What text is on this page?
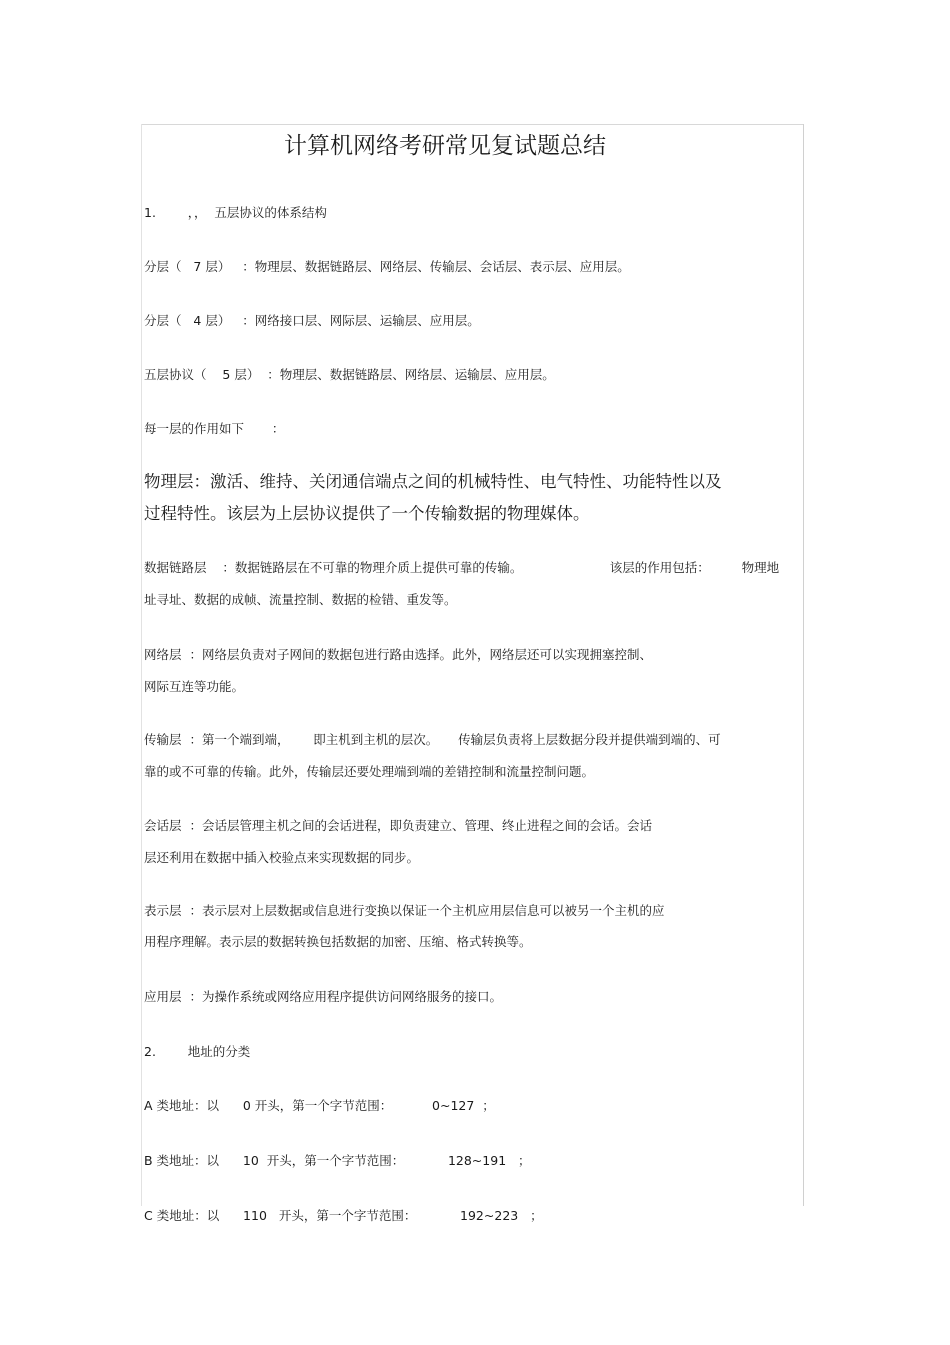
计算机网络考研常见复试题总结
1.        ，，  五层协议的体系结构
分层（   7 层）   ：物理层、数据链路层、网络层、传输层、会话层、表示层、应用层。
分层（   4 层）   ：网络接口层、网际层、运输层、应用层。
五层协议（    5 层）  ：物理层、数据链路层、网络层、运输层、应用层。
每一层的作用如下       ：
物理层：激活、维持、关闭通信端点之间的机械特性、电气特性、功能特性以及
过程特性。该层为上层协议提供了一个传输数据的物理媒体。
数据链路层    ：数据链路层在不可靠的物理介质上提供可靠的传输。                      该层的作用包括：        物理地
址寻址、数据的成帧、流量控制、数据的检错、重发等。
网络层  ：网络层负责对子网间的数据包进行路由选择。此外，网络层还可以实现拥塞控制、
网际互连等功能。
传输层  ：第一个端到端，      即主机到主机的层次。     传输层负责将上层数据分段并提供端到端的、可
靠的或不可靠的传输。此外，传输层还要处理端到端的差错控制和流量控制问题。
会话层  ：会话层管理主机之间的会话进程，即负责建立、管理、终止进程之间的会话。会话
层还利用在数据中插入校验点来实现数据的同步。
表示层  ：表示层对上层数据或信息进行变换以保证一个主机应用层信息可以被另一个主机的应
用程序理解。表示层的数据转换包括数据的加密、压缩、格式转换等。
应用层  ：为操作系统或网络应用程序提供访问网络服务的接口。
2.        地址的分类
A 类地址：以      0 开头，第一个字节范围：          0~127  ；
B 类地址：以      10  开头，第一个字节范围：           128~191   ；
C 类地址：以      110   开头，第一个字节范围：           192~223   ；
